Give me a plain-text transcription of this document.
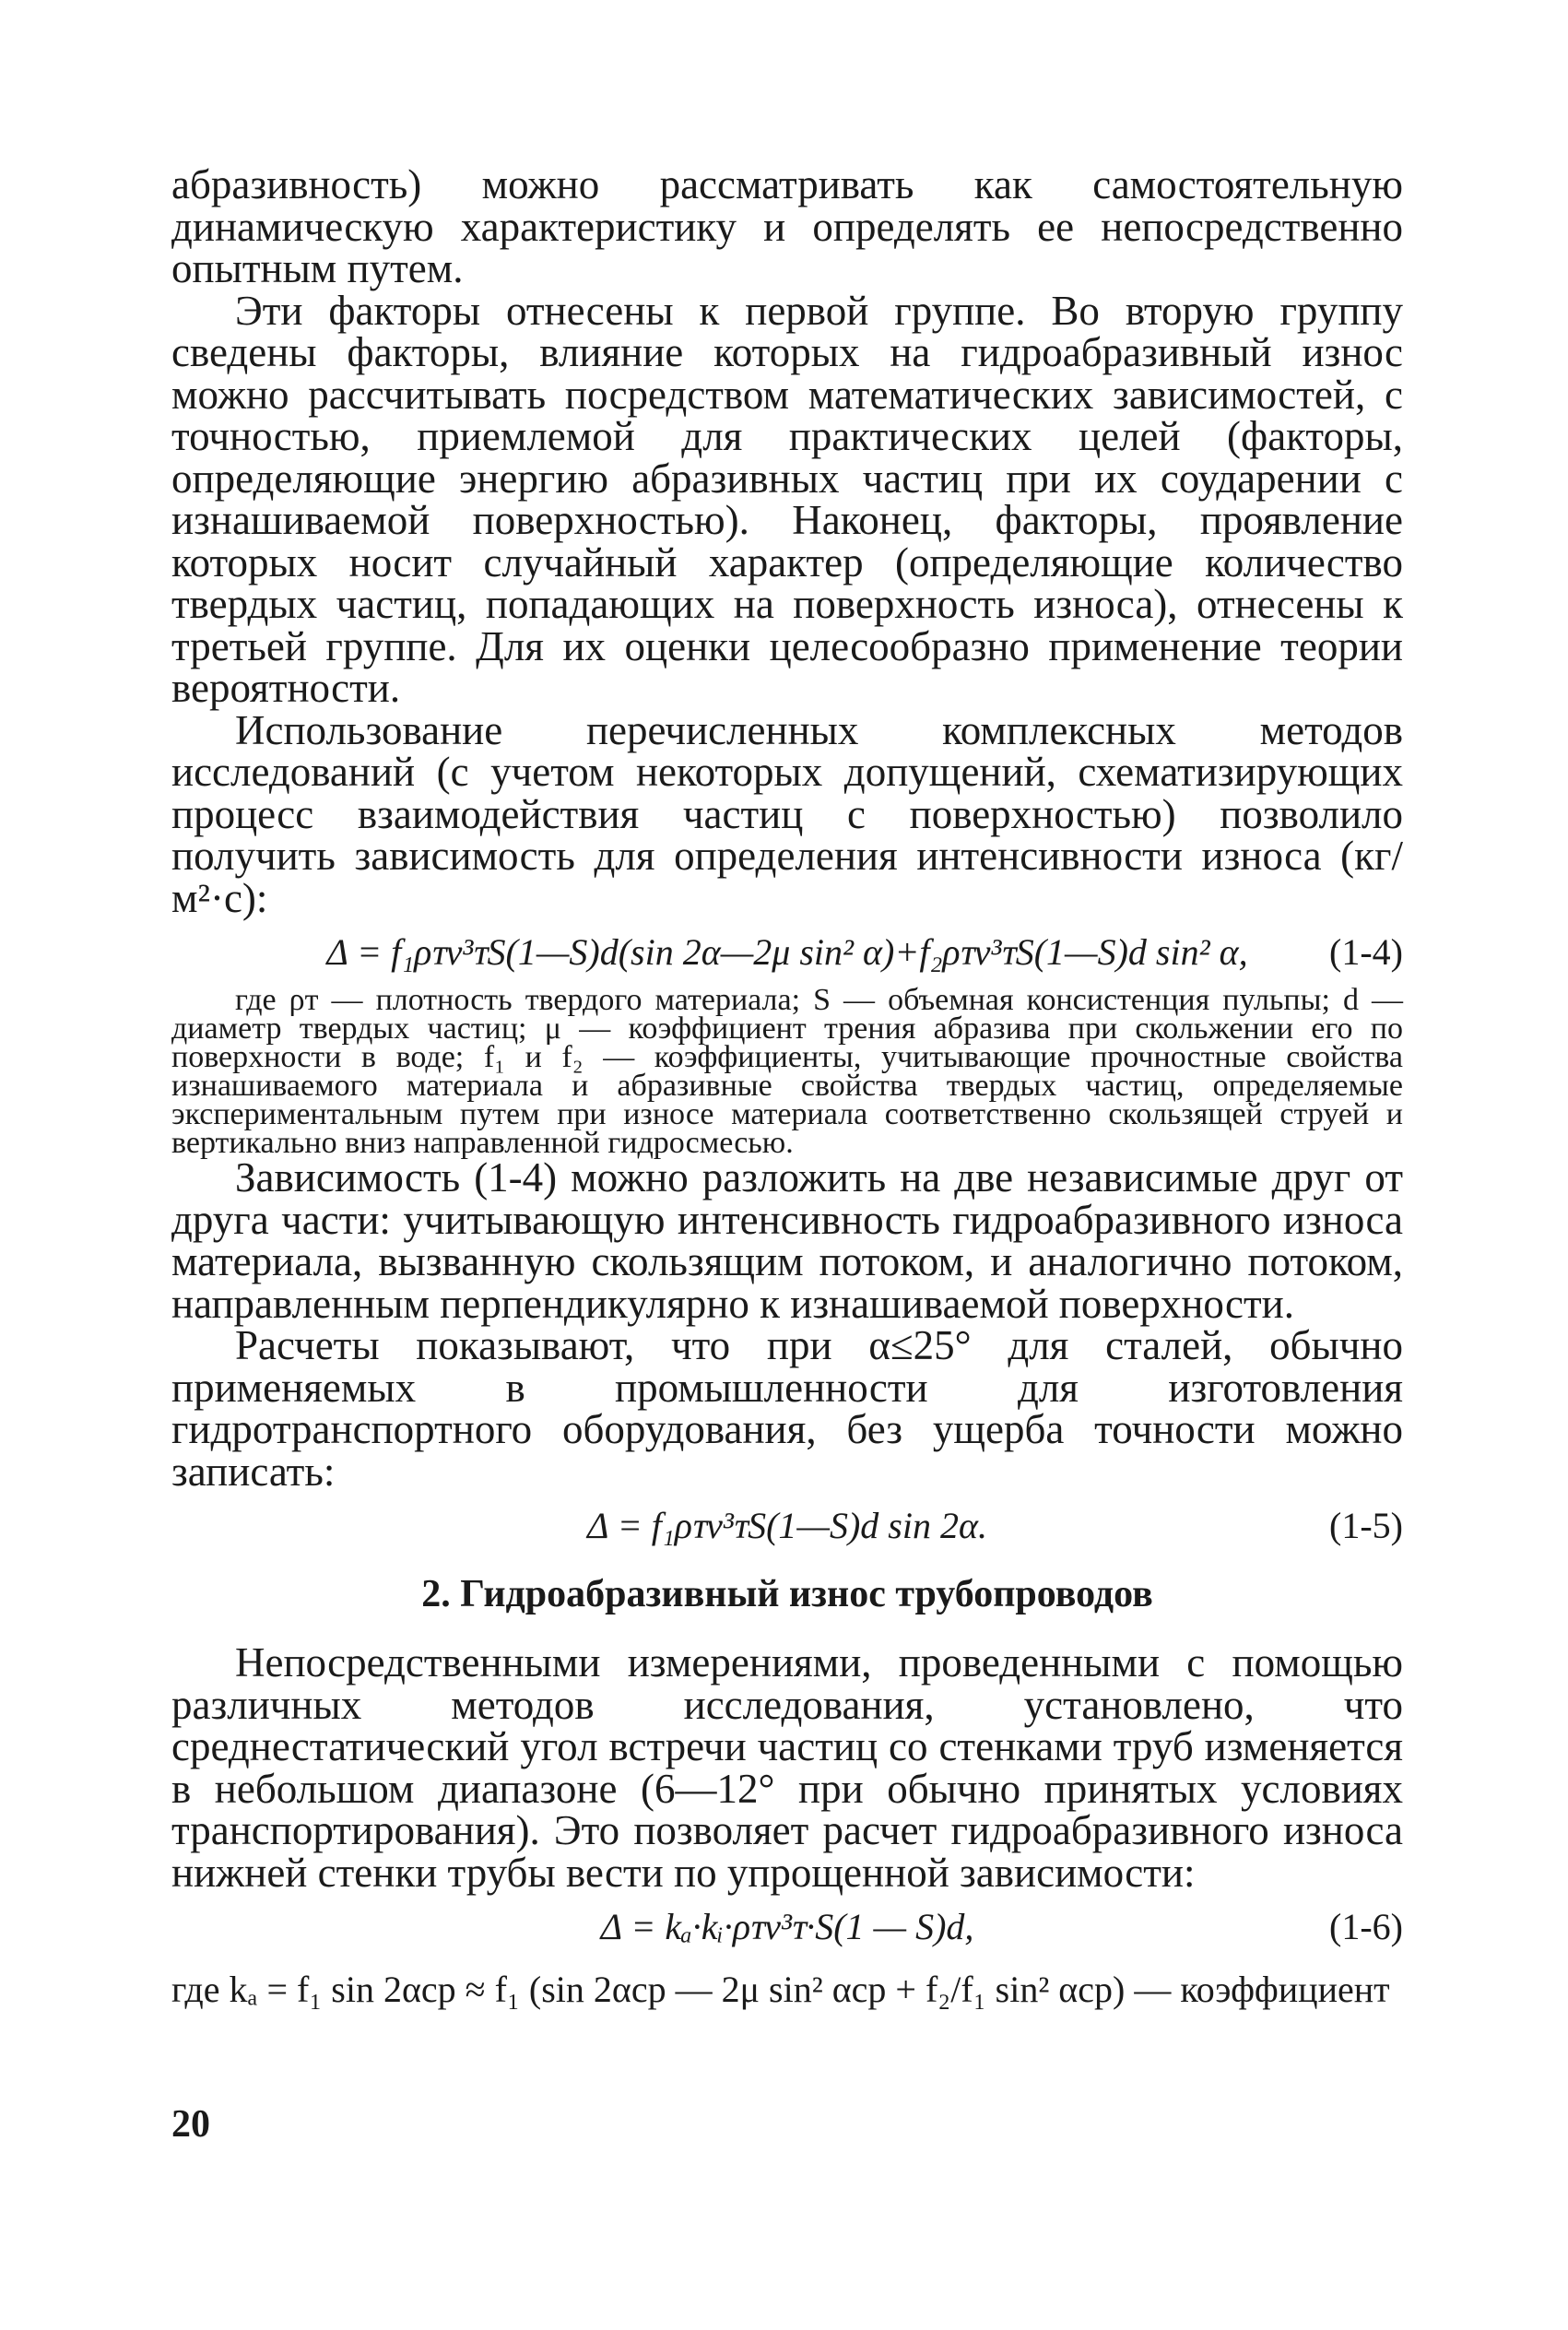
абразивность) можно рассматривать как самостоятельную динамическую характеристику и определять ее непосредственно опытным путем.

Эти факторы отнесены к первой группе. Во вторую группу сведены факторы, влияние которых на гидроабразивный износ можно рассчитывать посредством математических зависимостей, с точностью, приемлемой для практических целей (факторы, определяющие энергию абразивных частиц при их соударении с изнашиваемой поверхностью). Наконец, факторы, проявление которых носит случайный характер (определяющие количество твердых частиц, попадающих на поверхность износа), отнесены к третьей группе. Для их оценки целесообразно применение теории вероятности.

Использование перечисленных комплексных методов исследований (с учетом некоторых допущений, схематизирующих процесс взаимодействия частиц с поверхностью) позволило получить зависимость для определения интенсивности износа (кг/м²·с):

Δ = f₁ρᴛv³ᴛS(1—S)d(sin 2α—2μ sin² α)+f₂ρᴛv³ᴛS(1—S)d sin² α, (1-4)

где ρᴛ — плотность твердого материала; S — объемная консистенция пульпы; d — диаметр твердых частиц; μ — коэффициент трения абразива при скольжении его по поверхности в воде; f₁ и f₂ — коэффициенты, учитывающие прочностные свойства изнашиваемого материала и абразивные свойства твердых частиц, определяемые экспериментальным путем при износе материала соответственно скользящей струей и вертикально вниз направленной гидросмесью.

Зависимость (1-4) можно разложить на две независимые друг от друга части: учитывающую интенсивность гидроабразивного износа материала, вызванную скользящим потоком, и аналогично потоком, направленным перпендикулярно к изнашиваемой поверхности.

Расчеты показывают, что при α≤25° для сталей, обычно применяемых в промышленности для изготовления гидротранспортного оборудования, без ущерба точности можно записать:

Δ = f₁ρᴛv³ᴛS(1—S)d sin 2α.	(1-5)
2. Гидроабразивный износ трубопроводов

Непосредственными измерениями, проведенными с помощью различных методов исследования, установлено, что среднестатический угол встречи частиц со стенками труб изменяется в небольшом диапазоне (6—12° при обычно принятых условиях транспортирования). Это позволяет расчет гидроабразивного износа нижней стенки трубы вести по упрощенной зависимости:

Δ = kₐ·kᵢ·ρᴛv³ᴛ·S(1 — S)d,	(1-6)
где kₐ = f₁ sin 2αср ≈ f₁ (sin 2αср — 2μ sin² αср + f₂/f₁ sin² αср) — коэффициент
20
